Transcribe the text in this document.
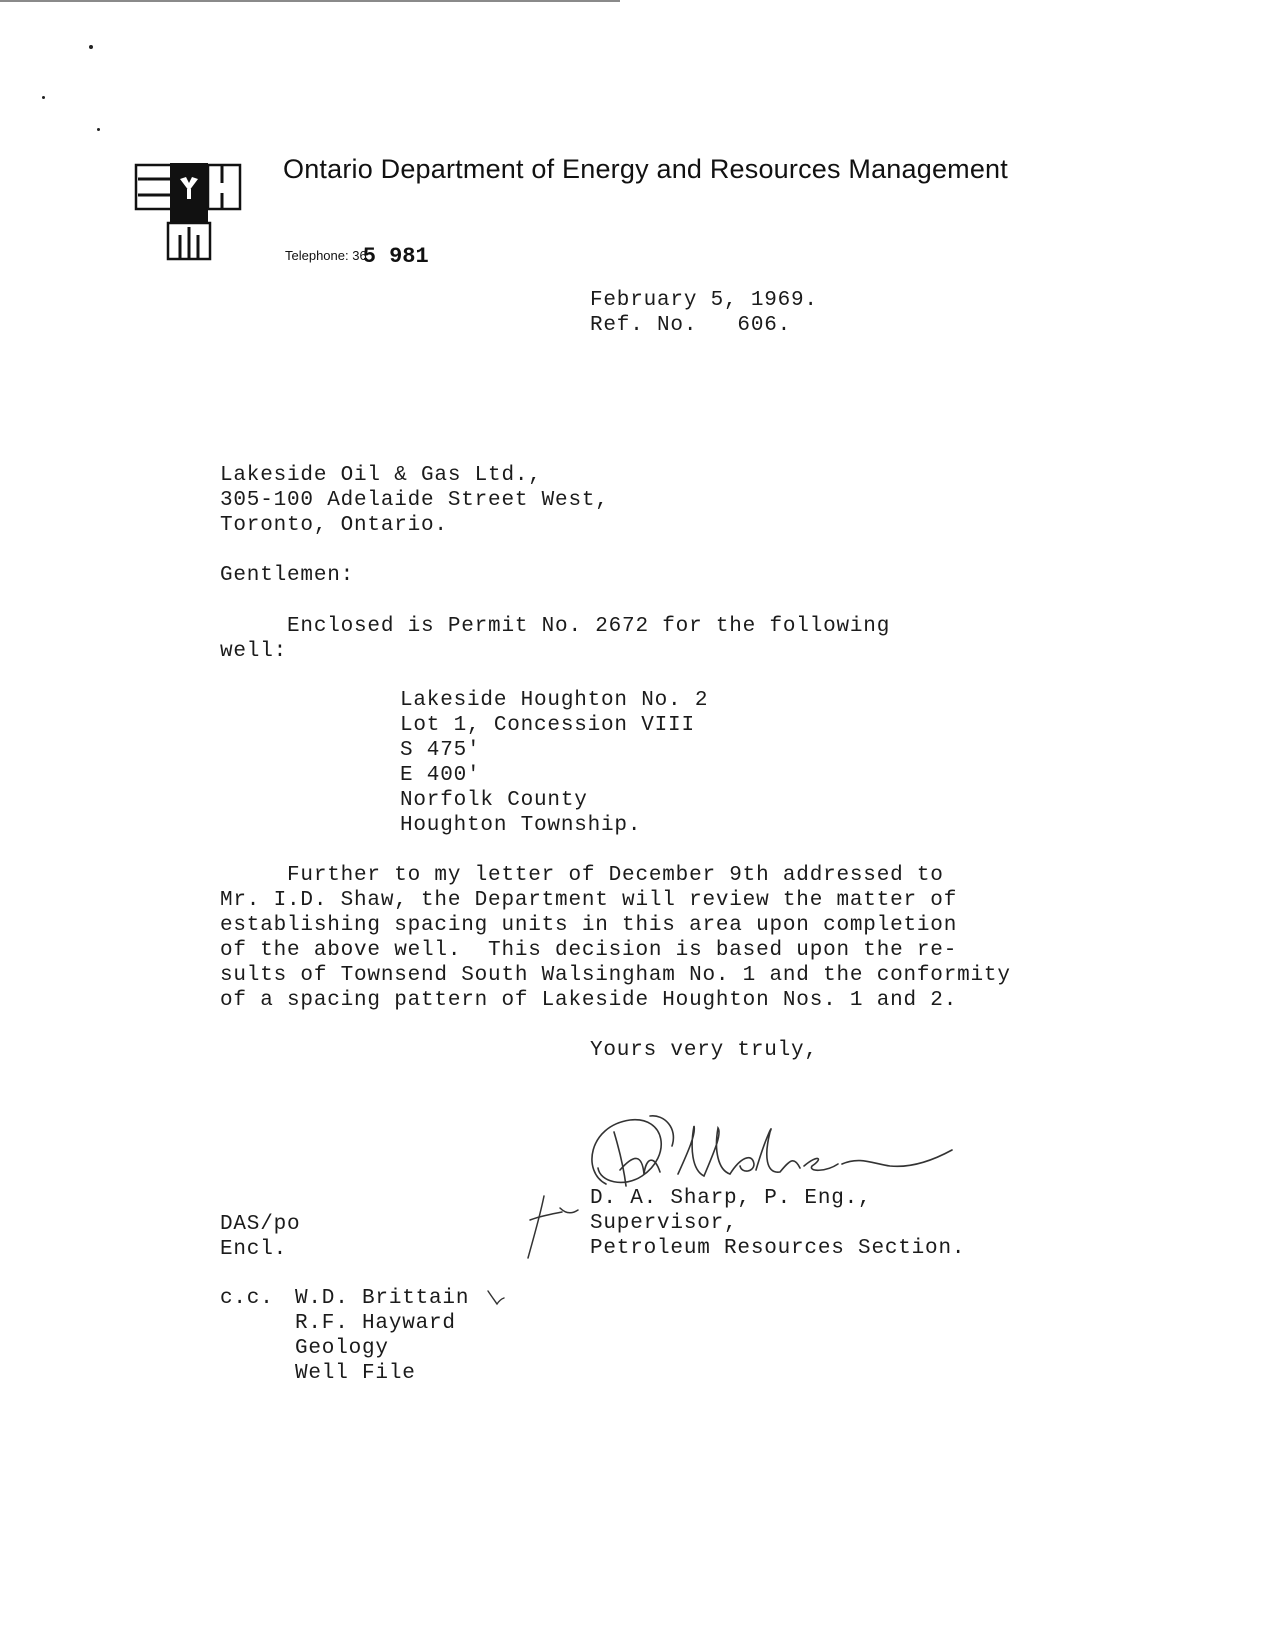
Ontario Department of Energy and Resources Management
Telephone: 365 981
February 5, 1969.
Ref. No.   606.
Lakeside Oil & Gas Ltd.,
305-100 Adelaide Street West,
Toronto, Ontario.
Gentlemen:
Enclosed is Permit No. 2672 for the following
well:
Lakeside Houghton No. 2
Lot 1, Concession VIII
S 475'
E 400'
Norfolk County
Houghton Township.
Further to my letter of December 9th addressed to
Mr. I.D. Shaw, the Department will review the matter of
establishing spacing units in this area upon completion
of the above well.  This decision is based upon the re-
sults of Townsend South Walsingham No. 1 and the conformity
of a spacing pattern of Lakeside Houghton Nos. 1 and 2.
Yours very truly,
D. A. Sharp, P. Eng.,
Supervisor,
Petroleum Resources Section.
DAS/po
Encl.
c.c. W.D. Brittain
R.F. Hayward
Geology
Well File
